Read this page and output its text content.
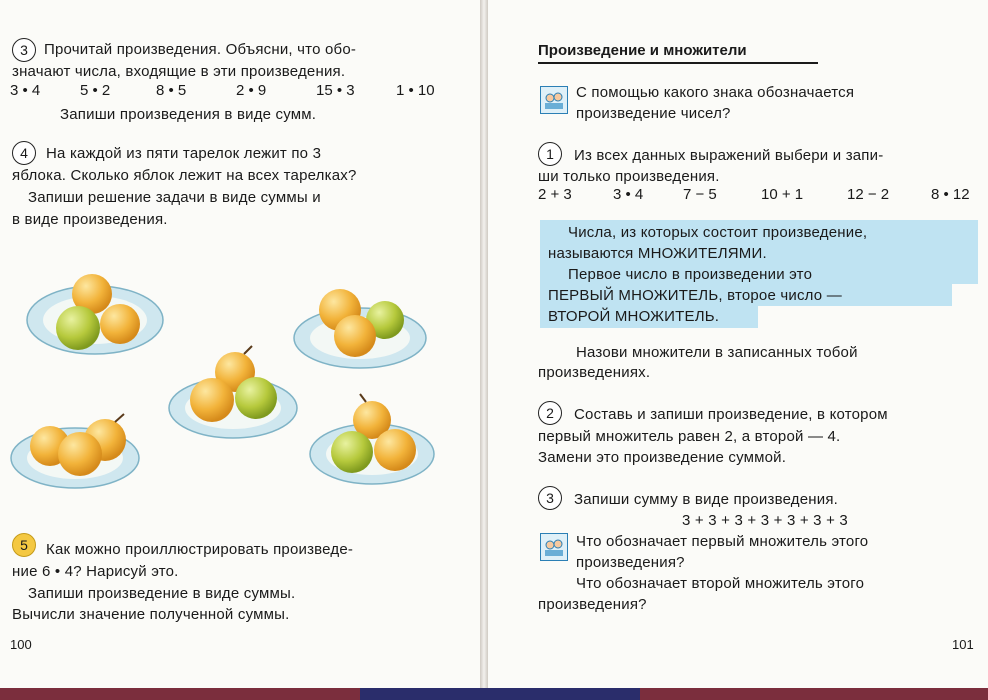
3	Прочитай произведения. Объясни, что обо-
значают числа, входящие в эти произведения.
3 • 4	5 • 2	8 • 5	2 • 9	15 • 3	1 • 10
Запиши произведения в виде сумм.
4	На каждой из пяти тарелок лежит по 3
яблока. Сколько яблок лежит на всех тарелках?
Запиши решение задачи в виде суммы и
в виде произведения.
5	Как можно проиллюстрировать произведе-
ние 6 • 4? Нарисуй это.
Запиши произведение в виде суммы.
Вычисли значение полученной суммы.
100
Произведение и множители
С помощью какого знака обозначается
произведение чисел?
1	Из всех данных выражений выбери и запи-
ши только произведения.
2 + 3	3 • 4	7 − 5	10 + 1	12 − 2	8 • 12
Числа, из которых состоит произведение,
называются МНОЖИТЕЛЯМИ.
Первое число в произведении это
ПЕРВЫЙ МНОЖИТЕЛЬ, второе число —
ВТОРОЙ МНОЖИТЕЛЬ.
Назови множители в записанных тобой
произведениях.
2	Составь и запиши произведение, в котором
первый множитель равен 2, а второй — 4.
Замени это произведение суммой.
3	Запиши сумму в виде произведения.
3 + 3 + 3 + 3 + 3 + 3 + 3
Что обозначает первый множитель этого
произведения?
Что обозначает второй множитель этого
произведения?
101
